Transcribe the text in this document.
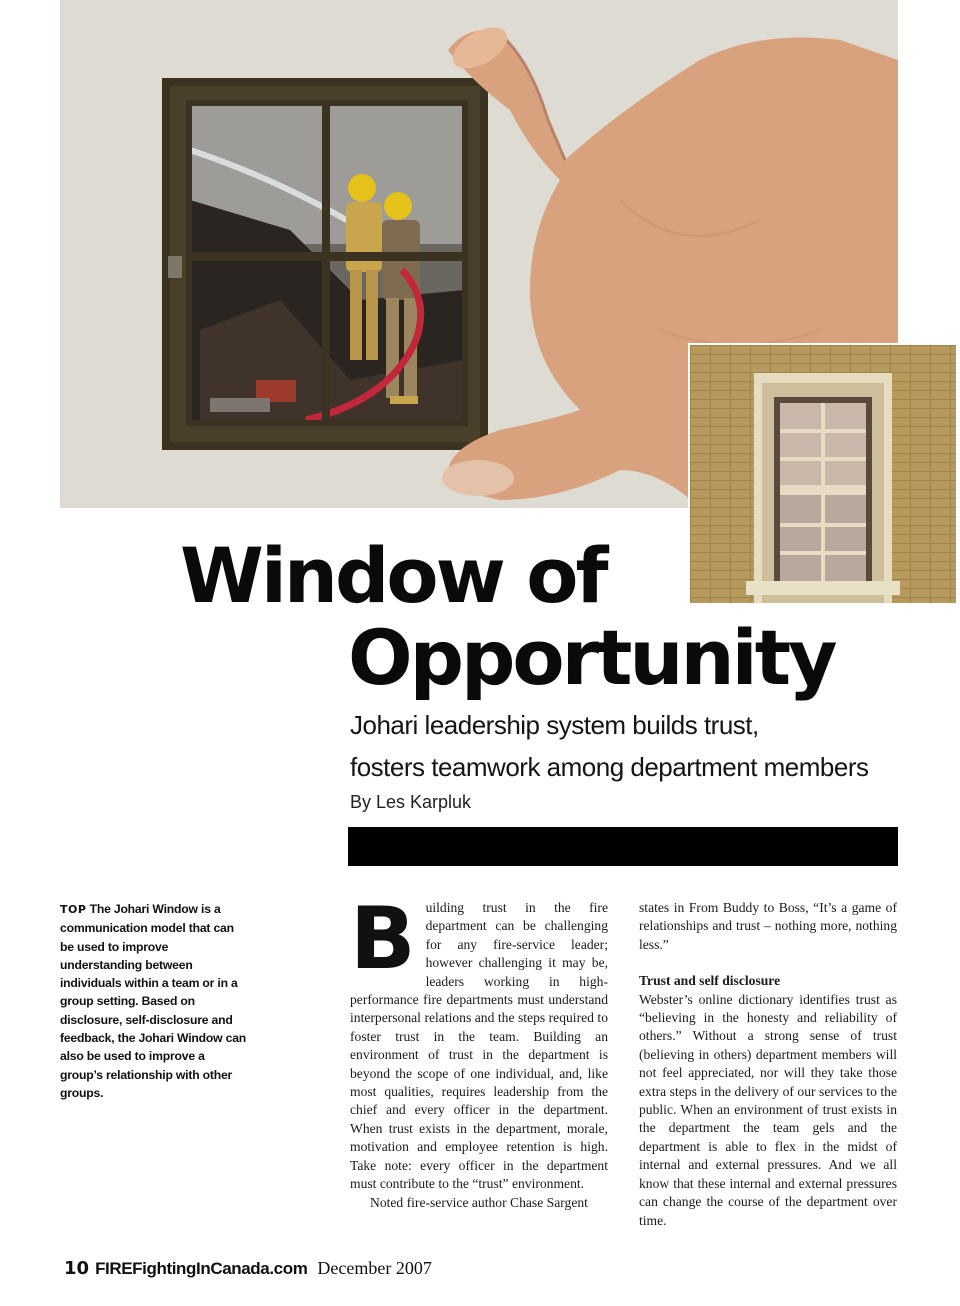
Window of
Opportunity
Johari leadership system builds trust,
fosters teamwork among department members
By Les Karpluk
TOP The Johari Window is a communication model that can be used to improve understanding between individuals within a team or in a group setting. Based on disclosure, self-disclosure and feedback, the Johari Window can also be used to improve a group’s relationship with other groups.

Building trust in the fire department can be challenging for any fire-service leader; however challenging it may be, leaders working in high-performance fire departments must understand interpersonal relations and the steps required to foster trust in the team. Building an environment of trust in the department is beyond the scope of one individual, and, like most qualities, requires leadership from the chief and every officer in the department. When trust exists in the department, morale, motivation and employee retention is high. Take note: every officer in the department must contribute to the “trust” environment.

Noted fire-service author Chase Sargent

states in From Buddy to Boss, “It’s a game of relationships and trust – nothing more, nothing less.”

Trust and self disclosure

Webster’s online dictionary identifies trust as “believing in the honesty and reliability of others.” Without a strong sense of trust (believing in others) department members will not feel appreciated, nor will they take those extra steps in the delivery of our services to the public. When an environment of trust exists in the department the team gels and the department is able to flex in the midst of internal and external pressures. And we all know that these internal and external pressures can change the course of the department over time.

10 FIREFightingInCanada.com December 2007
